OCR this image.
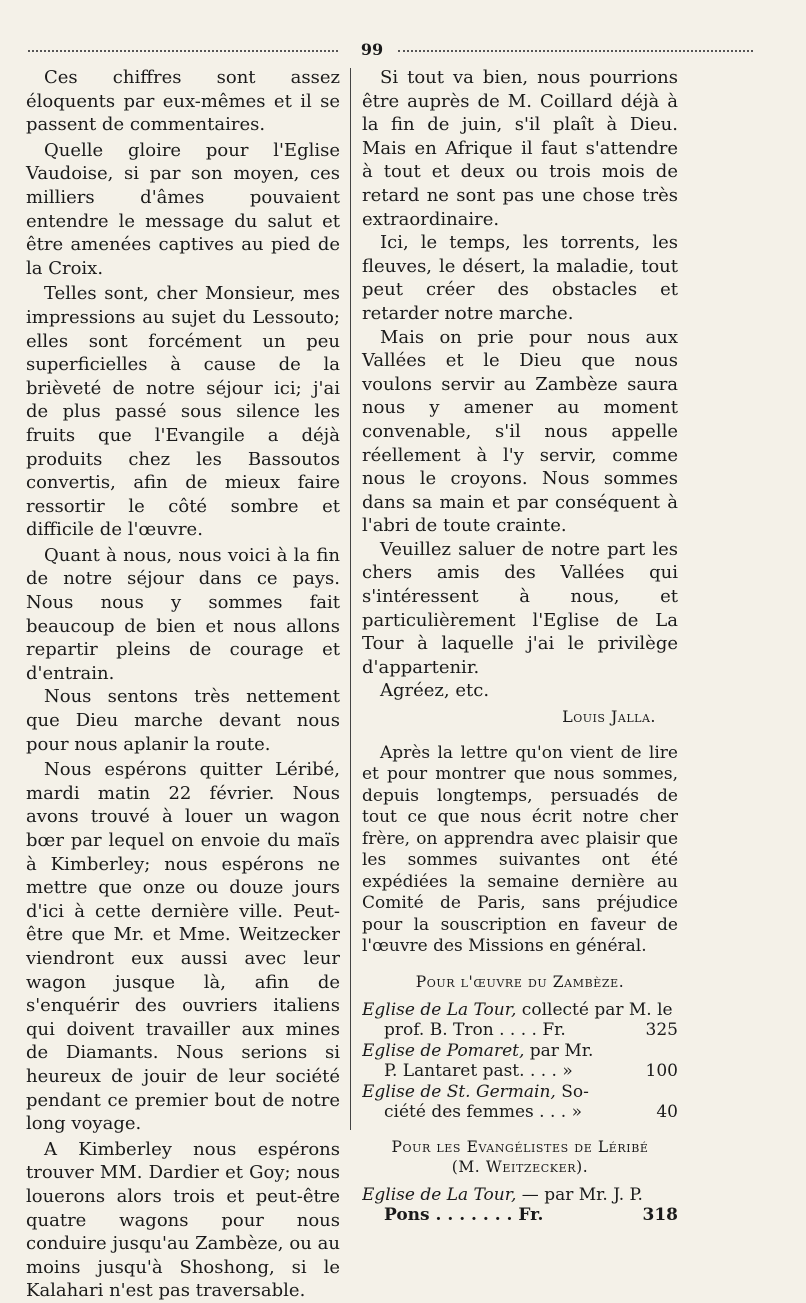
99

Ces chiffres sont assez éloquents par eux-mêmes et il se passent de commentaires.

Quelle gloire pour l'Eglise Vaudoise, si par son moyen, ces milliers d'âmes pouvaient entendre le message du salut et être amenées captives au pied de la Croix.

Telles sont, cher Monsieur, mes impressions au sujet du Lessouto; elles sont forcément un peu superficielles à cause de la brièveté de notre séjour ici; j'ai de plus passé sous silence les fruits que l'Evangile a déjà produits chez les Bassoutos convertis, afin de mieux faire ressortir le côté sombre et difficile de l'œuvre.

Quant à nous, nous voici à la fin de notre séjour dans ce pays. Nous nous y sommes fait beaucoup de bien et nous allons repartir pleins de courage et d'entrain.

Nous sentons très nettement que Dieu marche devant nous pour nous aplanir la route.

Nous espérons quitter Léribé, mardi matin 22 février. Nous avons trouvé à louer un wagon bœr par lequel on envoie du maïs à Kimberley; nous espérons ne mettre que onze ou douze jours d'ici à cette dernière ville. Peut-être que Mr. et Mme. Weitzecker viendront eux aussi avec leur wagon jusque là, afin de s'enquérir des ouvriers italiens qui doivent travailler aux mines de Diamants. Nous serions si heureux de jouir de leur société pendant ce premier bout de notre long voyage.

A Kimberley nous espérons trouver MM. Dardier et Goy; nous louerons alors trois et peut-être quatre wagons pour nous conduire jusqu'au Zambèze, ou au moins jusqu'à Shoshong, si le Kalahari n'est pas traversable.

Si tout va bien, nous pourrions être auprès de M. Coillard déjà à la fin de juin, s'il plaît à Dieu. Mais en Afrique il faut s'attendre à tout et deux ou trois mois de retard ne sont pas une chose très extraordinaire.

Ici, le temps, les torrents, les fleuves, le désert, la maladie, tout peut créer des obstacles et retarder notre marche.

Mais on prie pour nous aux Vallées et le Dieu que nous voulons servir au Zambèze saura nous y amener au moment convenable, s'il nous appelle réellement à l'y servir, comme nous le croyons. Nous sommes dans sa main et par conséquent à l'abri de toute crainte.

Veuillez saluer de notre part les chers amis des Vallées qui s'intéressent à nous, et particulièrement l'Eglise de La Tour à laquelle j'ai le privilège d'appartenir.

Agréez, etc.

Louis Jalla.

Après la lettre qu'on vient de lire et pour montrer que nous sommes, depuis longtemps, persuadés de tout ce que nous écrit notre cher frère, on apprendra avec plaisir que les sommes suivantes ont été expédiées la semaine dernière au Comité de Paris, sans préjudice pour la souscription en faveur de l'œuvre des Missions en général.

Pour l'œuvre du Zambèze.
Eglise de La Tour, collecté par M. le
prof. B. Tron . . . . Fr.	325
Eglise de Pomaret, par Mr.
P. Lantaret past. . . . »	100
Eglise de St. Germain, So-
ciété des femmes . . . »	40
Pour les Evangélistes de Léribé
(M. Weitzecker).
Eglise de La Tour, — par Mr. J. P.
Pons . . . . . . . Fr.	318
